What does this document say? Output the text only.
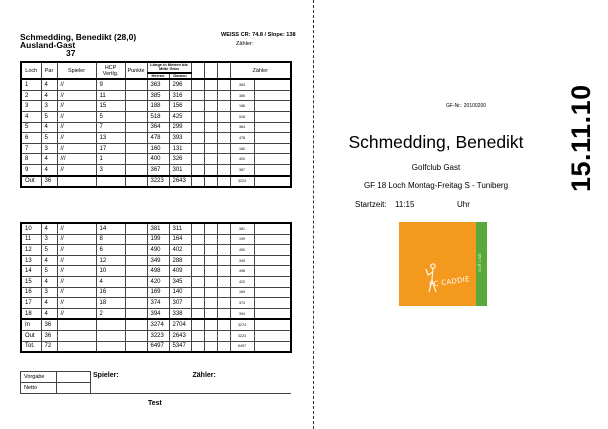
Schmedding, Benedikt (28,0)
Ausland-Gast
37
WEISS CR: 74.8 / Slope: 138
Zähler:
Loch	Par	Spieler	HCP Vertlg.	Punkte	Länge in Metern bis Mitte Grün					Zähler	
					Herren	Damen					
1	4	//	9		363	296				363	
2	4	//	11		385	316				385	
3	3	//	15		188	156				188	
4	5	//	5		518	425				518	
5	4	//	7		364	299				364	
6	5	//	13		478	393				478	
7	3	//	17		160	131				160	
8	4	///	1		400	326				400	
9	4	//	3		367	301				367	
Out	36				3223	2643				3223	
10	4	//	14		381	311				381	
11	3	//	8		199	164				199	
12	5	//	6		490	402				490	
13	4	//	12		349	288				349	
14	5	//	10		498	409				498	
15	4	//	4		420	345				420	
16	3	//	16		169	140				169	
17	4	//	18		374	307				374	
18	4	//	2		394	338				394	
In	36				3274	2704				3274	
Out	36				3223	2643				3223	
Tot.	72				6497	5347				6497	
Vorgabe		Spieler:	Zähler:
Netto			
Test
GF-Nr.: 20100200
Schmedding, Benedikt
Golfclub Gast
GF 18 Loch Montag-Freitag S - Tuniberg
Startzeit: 11:15	Uhr
15.11.10
Golf Club
PC CADDIE
